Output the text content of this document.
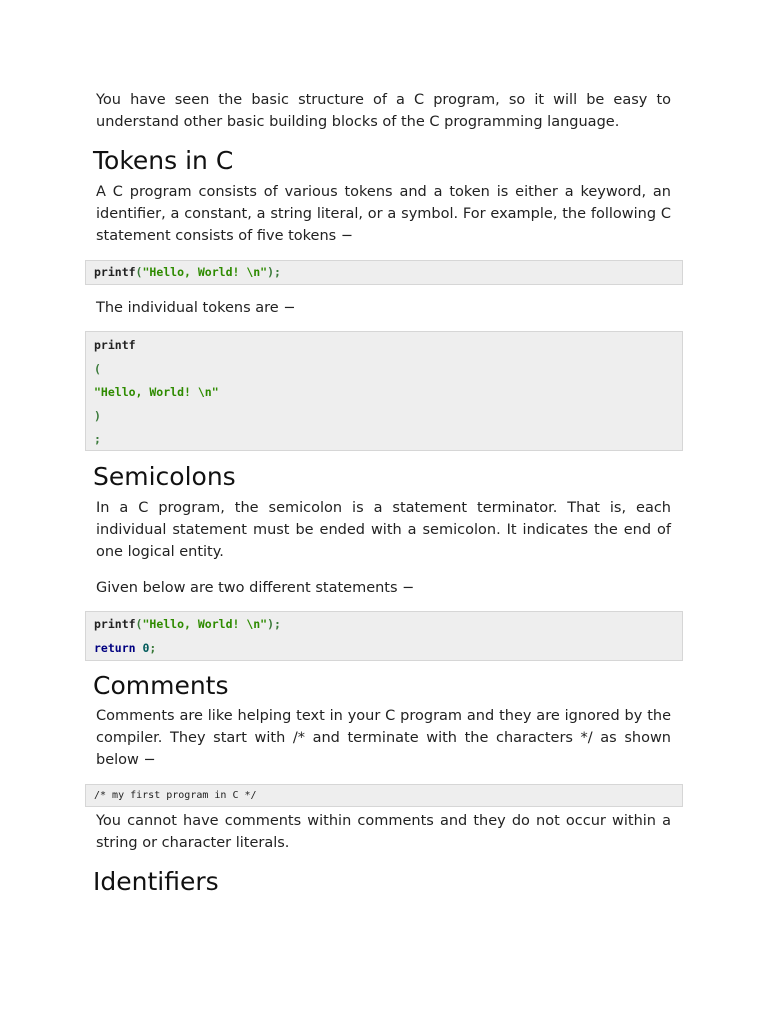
You have seen the basic structure of a C program, so it will be easy to understand other basic building blocks of the C programming language.

Tokens in C

A C program consists of various tokens and a token is either a keyword, an identifier, a constant, a string literal, or a symbol. For example, the following C statement consists of five tokens −

printf("Hello, World! \n");

The individual tokens are −

printf
(
"Hello, World! \n"
)
;
Semicolons

In a C program, the semicolon is a statement terminator. That is, each individual statement must be ended with a semicolon. It indicates the end of one logical entity.

Given below are two different statements −

printf("Hello, World! \n");
return 0;
Comments

Comments are like helping text in your C program and they are ignored by the compiler. They start with /* and terminate with the characters */ as shown below −

/* my first program in C */

You cannot have comments within comments and they do not occur within a string or character literals.

Identifiers
